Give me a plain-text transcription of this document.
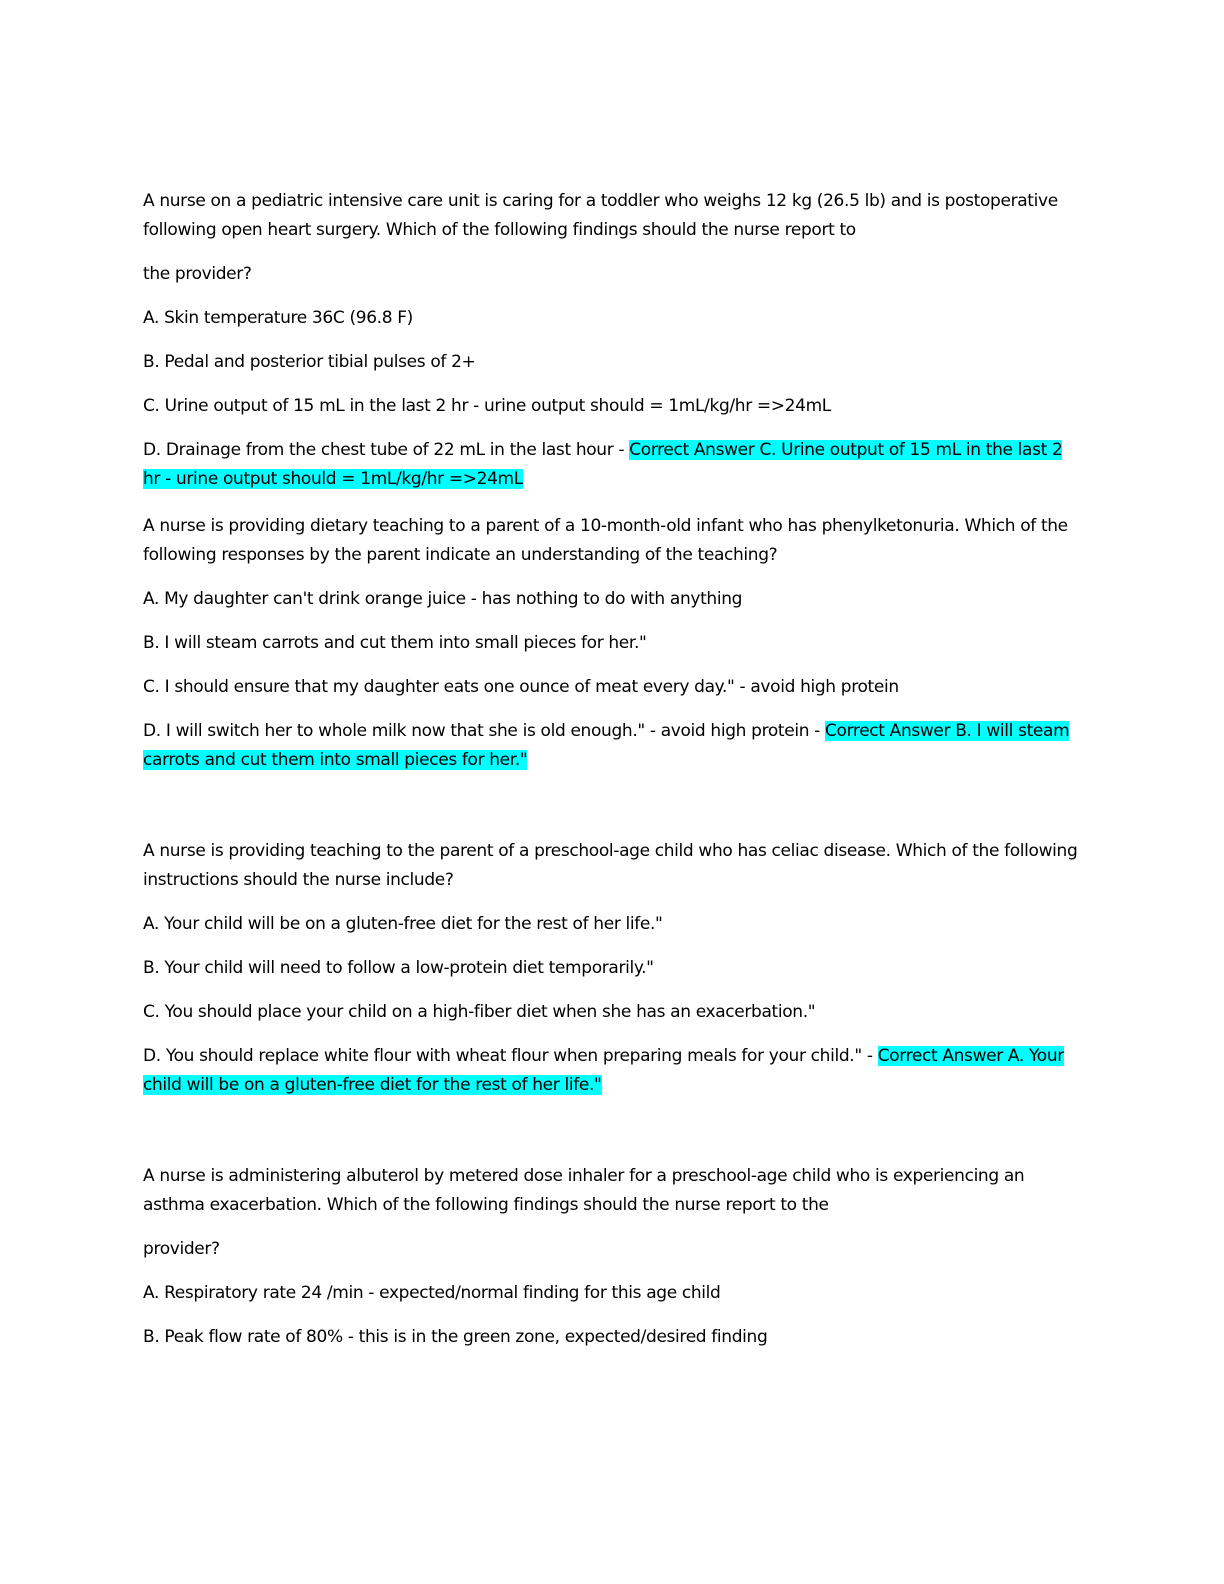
A nurse on a pediatric intensive care unit is caring for a toddler who weighs 12 kg (26.5 lb) and is postoperative following open heart surgery. Which of the following findings should the nurse report to

the provider?

A. Skin temperature 36C (96.8 F)

B. Pedal and posterior tibial pulses of 2+

C. Urine output of 15 mL in the last 2 hr - urine output should = 1mL/kg/hr =>24mL

D. Drainage from the chest tube of 22 mL in the last hour - Correct Answer C. Urine output of 15 mL in the last 2 hr - urine output should = 1mL/kg/hr =>24mL

A nurse is providing dietary teaching to a parent of a 10-month-old infant who has phenylketonuria. Which of the following responses by the parent indicate an understanding of the teaching?

A. My daughter can't drink orange juice - has nothing to do with anything

B. I will steam carrots and cut them into small pieces for her."

C. I should ensure that my daughter eats one ounce of meat every day." - avoid high protein

D. I will switch her to whole milk now that she is old enough." - avoid high protein - Correct Answer B. I will steam carrots and cut them into small pieces for her."

A nurse is providing teaching to the parent of a preschool-age child who has celiac disease. Which of the following instructions should the nurse include?

A. Your child will be on a gluten-free diet for the rest of her life."

B. Your child will need to follow a low-protein diet temporarily."

C. You should place your child on a high-fiber diet when she has an exacerbation."

D. You should replace white flour with wheat flour when preparing meals for your child." - Correct Answer A. Your child will be on a gluten-free diet for the rest of her life."

A nurse is administering albuterol by metered dose inhaler for a preschool-age child who is experiencing an asthma exacerbation. Which of the following findings should the nurse report to the

provider?

A. Respiratory rate 24 /min - expected/normal finding for this age child

B. Peak flow rate of 80% - this is in the green zone, expected/desired finding
